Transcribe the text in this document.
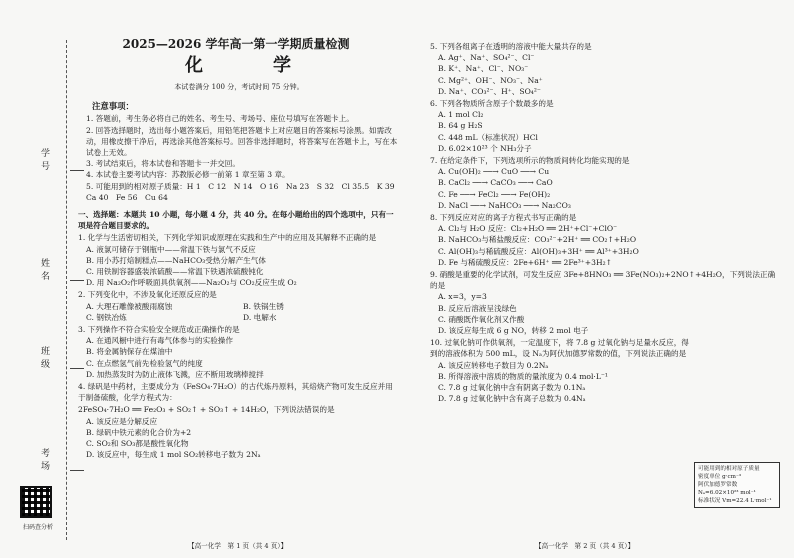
学号
姓名
班级
考场
扫码查分析
2025—2026 学年高一第一学期质量检测
化　学
本试卷满分 100 分，考试时间 75 分钟。
注意事项：
1. 答题前，考生务必将自己的姓名、考生号、考场号、座位号填写在答题卡上。
2. 回答选择题时，选出每小题答案后，用铅笔把答题卡上对应题目的答案标号涂黑。如需改动，用橡皮擦干净后，再选涂其他答案标号。回答非选择题时，将答案写在答题卡上，写在本试卷上无效。
3. 考试结束后，将本试卷和答题卡一并交回。
4. 本试卷主要考试内容：苏教版必修一前第 1 章至第 3 章。
5. 可能用到的相对原子质量：H 1　C 12　N 14　O 16　Na 23　S 32　Cl 35.5　K 39　Ca 40　Fe 56　Cu 64
一、选择题：本题共 10 小题，每小题 4 分，共 40 分。在每小题给出的四个选项中，只有一项是符合题目要求的。
1. 化学与生活密切相关，下列化学知识或原理在实践和生产中的应用及其解释不正确的是
A. 液氯可储存于钢瓶中——常温下铁与氯气不反应
B. 用小苏打焙制糕点——NaHCO₃受热分解产生气体
C. 用铁制容器盛装浓硫酸——常温下铁遇浓硫酸钝化
D. 用 Na₂O₂作呼吸面具供氧剂——Na₂O₂与 CO₂反应生成 O₂
2. 下列变化中，不涉及氧化还原反应的是
A. 大理石雕像被酸雨腐蚀	B. 铁锅生锈
C. 钢铁冶炼	D. 电解水
3. 下列操作不符合实验安全规范或正确操作的是
A. 在通风橱中进行有毒气体参与的实验操作
B. 将金属钠保存在煤油中
C. 在点燃氢气前先检验氢气的纯度
D. 加热蒸发时为防止液体飞溅，应不断用玻璃棒搅拌
4. 绿矾是中药材，主要成分为（FeSO₄·7H₂O）的古代炼丹原料，其焙烧产物可发生反应并用于制备硫酸，化学方程式为：
2FeSO₄·7H₂O ══ Fe₂O₃ + SO₂↑ + SO₃↑ + 14H₂O，下列说法错误的是
A. 该反应是分解反应
B. 绿矾中铁元素的化合价为+2
C. SO₂和 SO₃都是酸性氧化物
D. 该反应中，每生成 1 mol SO₂转移电子数为 2Nₐ
5. 下列各组离子在透明的溶液中能大量共存的是
A. Ag⁺、Na⁺、SO₄²⁻、Cl⁻
B. K⁺、Na⁺、Cl⁻、NO₃⁻
C. Mg²⁺、OH⁻、NO₃⁻、Na⁺
D. Na⁺、CO₃²⁻、H⁺、SO₄²⁻
6. 下列各物质所含原子个数最多的是
A. 1 mol Cl₂
B. 64 g H₂S
C. 448 mL（标准状况）HCl
D. 6.02×10²³ 个 NH₃分子
7. 在给定条件下，下列选项所示的物质间转化均能实现的是
A. Cu(OH)₂ ──→ CuO ──→ Cu
B. CaCl₂ ──→ CaCO₃ ──→ CaO
C. Fe ──→ FeCl₂ ──→ Fe(OH)₂
D. NaCl ──→ NaHCO₃ ──→ Na₂CO₃
8. 下列反应对应的离子方程式书写正确的是
A. Cl₂与 H₂O 反应：Cl₂+H₂O ══ 2H⁺+Cl⁻+ClO⁻
B. NaHCO₃与稀盐酸反应：CO₃²⁻+2H⁺ ══ CO₂↑+H₂O
C. Al(OH)₃与稀硫酸反应：Al(OH)₃+3H⁺ ══ Al³⁺+3H₂O
D. Fe 与稀硫酸反应：2Fe+6H⁺ ══ 2Fe³⁺+3H₂↑
9. 硝酸是重要的化学试剂，可发生反应 3Fe+8HNO₃ ══ 3Fe(NO₃)₂+2NO↑+4H₂O，下列说法正确的是
A. x=3，y=3
B. 反应后溶液呈浅绿色
C. 硝酸既作氧化剂又作酸
D. 该反应每生成 6 g NO，转移 2 mol 电子
10. 过氧化钠可作供氧剂，一定温度下，将 7.8 g 过氧化钠与足量水反应，得到的溶液体积为 500 mL，设 Nₐ为阿伏加德罗常数的值，下列说法正确的是
A. 该反应转移电子数目为 0.2Nₐ
B. 所得溶液中溶质的物质的量浓度为 0.4 mol·L⁻¹
C. 7.8 g 过氧化钠中含有阴离子数为 0.1Nₐ
D. 7.8 g 过氧化钠中含有离子总数为 0.4Nₐ
可能用到的相对原子质量
密度单位 g·cm⁻³
阿伏加德罗常数
Nₐ=6.02×10²³ mol⁻¹
标准状况 Vm=22.4 L·mol⁻¹
【高一化学　第 1 页（共 4 页）】	【高一化学　第 2 页（共 4 页）】
